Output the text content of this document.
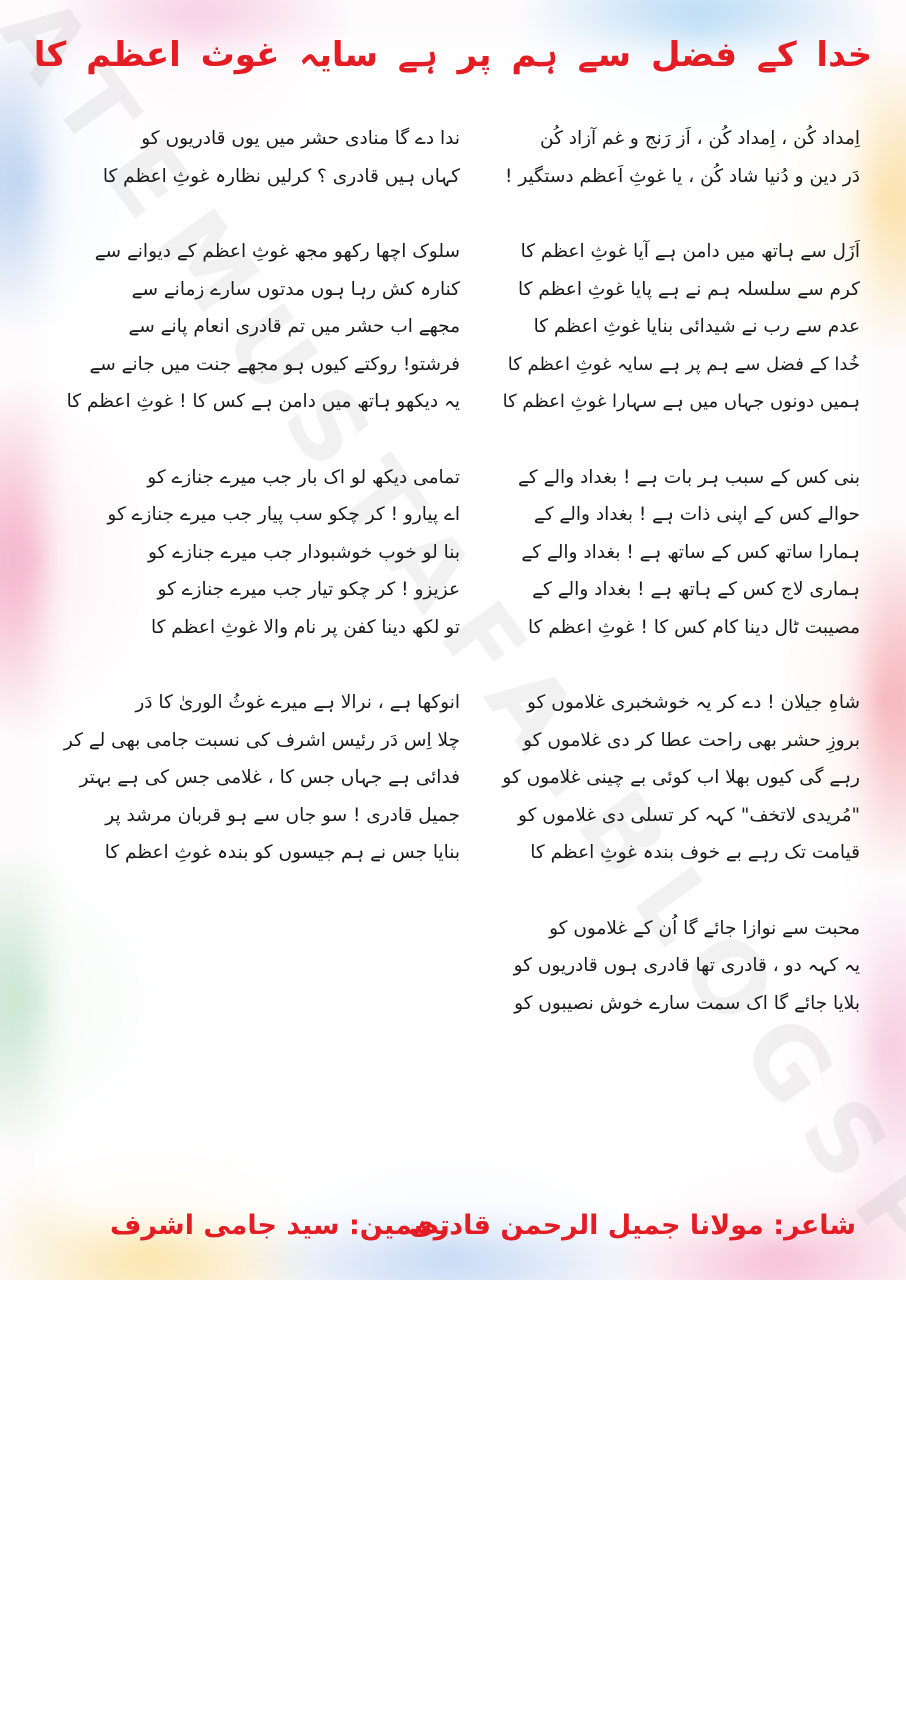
خدا کے فضل سے ہم پر ہے سایہ غوث اعظم کا
اِمداد کُن ، اِمداد کُن ، اَز رَنج و غم آزاد کُن
دَر دین و دُنیا شاد کُن ، یا غوثِ اَعظم دستگیر !
اَزَل سے ہاتھ میں دامن ہے آیا غوثِ اعظم کا
کرم سے سلسلہ ہم نے ہے پایا غوثِ اعظم کا
عدم سے رب نے شیدائی بنایا غوثِ اعظم کا
خُدا کے فضل سے ہم پر ہے سایہ غوثِ اعظم کا
ہمیں دونوں جہاں میں ہے سہارا غوثِ اعظم کا
بنی کس کے سبب ہر بات ہے ! بغداد والے کے
حوالے کس کے اپنی ذات ہے ! بغداد والے کے
ہمارا ساتھ کس کے ساتھ ہے ! بغداد والے کے
ہماری لاج کس کے ہاتھ ہے ! بغداد والے کے
مصیبت ٹال دینا کام کس کا ! غوثِ اعظم کا
شاہِ جیلان ! دے کر یہ خوشخبری غلاموں کو
بروزِ حشر بھی راحت عطا کر دی غلاموں کو
رہے گی کیوں بھلا اب کوئی بے چینی غلاموں کو
"مُریدی لاتخف" کہہ کر تسلی دی غلاموں کو
قیامت تک رہے بے خوف بندہ غوثِ اعظم کا
محبت سے نوازا جائے گا اُن کے غلاموں کو
یہ کہہ دو ، قادری تھا قادری ہوں قادریوں کو
بلایا جائے گا اک سمت سارے خوش نصیبوں کو
ندا دے گا منادی حشر میں یوں قادریوں کو
کہاں ہیں قادری ؟ کرلیں نظارہ غوثِ اعظم کا
سلوک اچھا رکھو مجھ غوثِ اعظم کے دیوانے سے
کنارہ کش رہا ہوں مدتوں سارے زمانے سے
مجھے اب حشر میں تم قادری انعام پانے سے
فرشتو! روکتے کیوں ہو مجھے جنت میں جانے سے
یہ دیکھو ہاتھ میں دامن ہے کس کا ! غوثِ اعظم کا
تمامی دیکھ لو اک بار جب میرے جنازے کو
اے پیارو ! کر چکو سب پیار جب میرے جنازے کو
بنا لو خوب خوشبودار جب میرے جنازے کو
عزیزو ! کر چکو تیار جب میرے جنازے کو
تو لکھ دینا کفن پر نام والا غوثِ اعظم کا
انوکھا ہے ، نرالا ہے میرے غوثُ الوریٰ کا دَر
چلا اِس دَر رئیس اشرف کی نسبت جامی بھی لے کر
فدائی ہے جہاں جس کا ، غلامی جس کی ہے بہتر
جمیل قادری ! سو جاں سے ہو قربان مرشد پر
بنایا جس نے ہم جیسوں کو بندہ غوثِ اعظم کا
شاعر: مولانا جمیل الرحمن قادری
تضمین: سید جامی اشرف
